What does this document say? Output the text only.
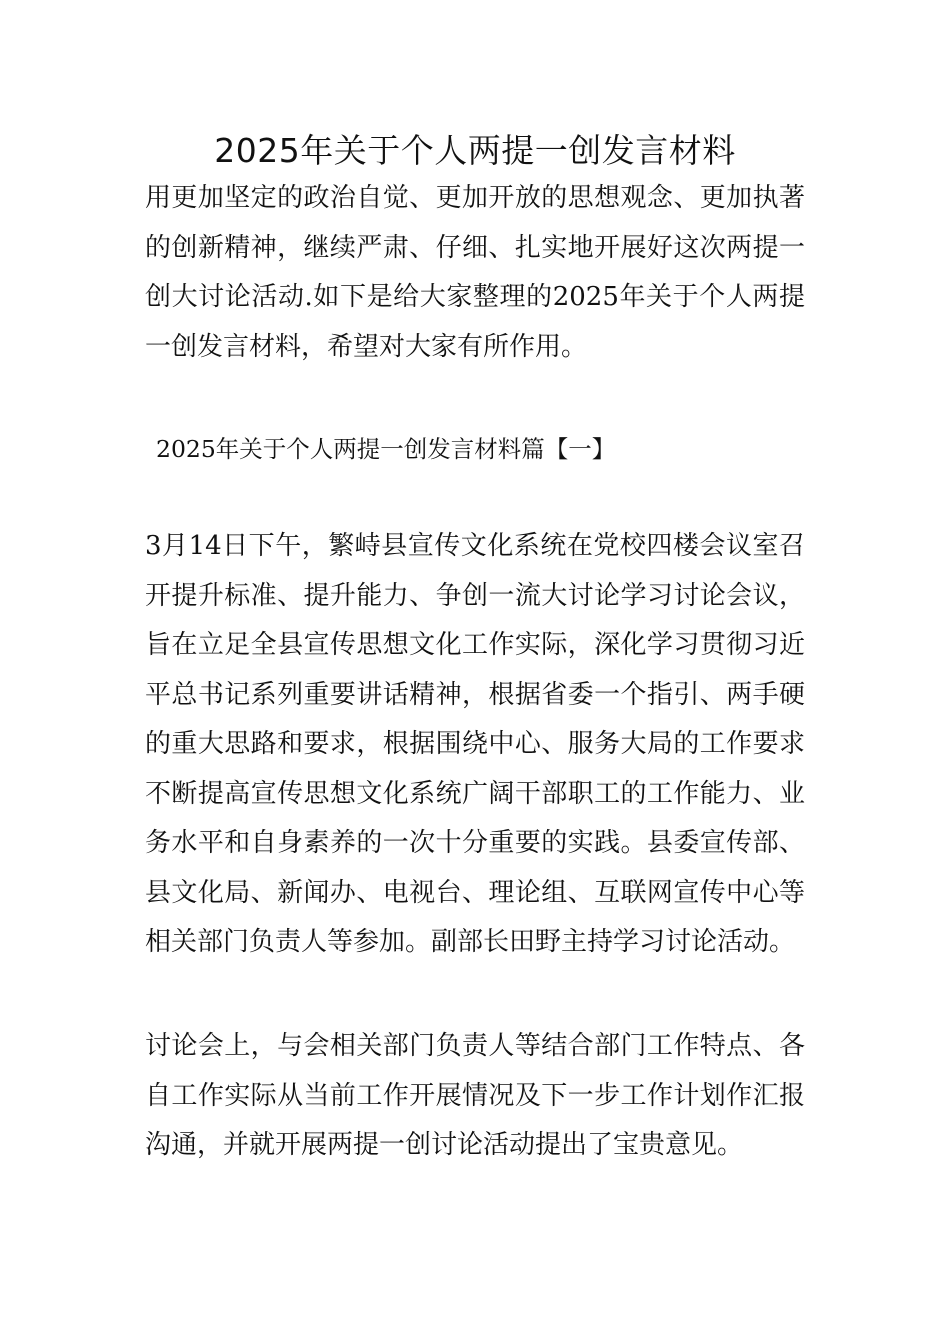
2025年关于个人两提一创发言材料
用更加坚定的政治自觉、更加开放的思想观念、更加执著的创新精神，继续严肃、仔细、扎实地开展好这次两提一创大讨论活动.如下是给大家整理的2025年关于个人两提一创发言材料，希望对大家有所作用。
2025年关于个人两提一创发言材料篇【一】
3月14日下午，繁峙县宣传文化系统在党校四楼会议室召开提升标准、提升能力、争创一流大讨论学习讨论会议，旨在立足全县宣传思想文化工作实际，深化学习贯彻习近平总书记系列重要讲话精神，根据省委一个指引、两手硬的重大思路和要求，根据围绕中心、服务大局的工作要求不断提高宣传思想文化系统广阔干部职工的工作能力、业务水平和自身素养的一次十分重要的实践。县委宣传部、县文化局、新闻办、电视台、理论组、互联网宣传中心等相关部门负责人等参加。副部长田野主持学习讨论活动。
讨论会上，与会相关部门负责人等结合部门工作特点、各自工作实际从当前工作开展情况及下一步工作计划作汇报沟通，并就开展两提一创讨论活动提出了宝贵意见。
